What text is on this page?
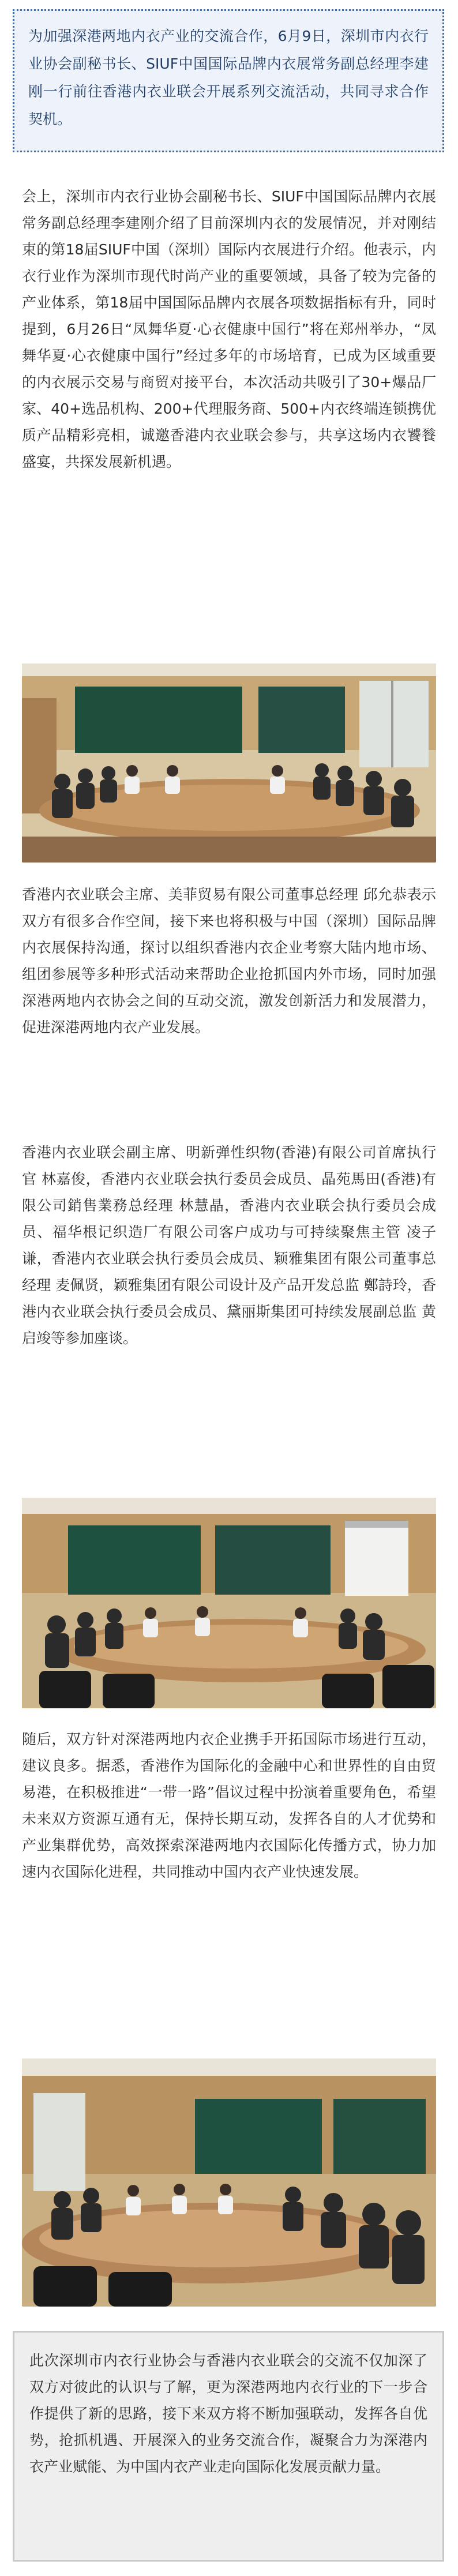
为加强深港两地内衣产业的交流合作，6月9日，深圳市内衣行业协会副秘书长、SIUF中国国际品牌内衣展常务副总经理李建刚一行前往香港内衣业联会开展系列交流活动，共同寻求合作契机。

会上，深圳市内衣行业协会副秘书长、SIUF中国国际品牌内衣展常务副总经理李建刚介绍了目前深圳内衣的发展情况，并对刚结束的第18届SIUF中国（深圳）国际内衣展进行介绍。他表示，内衣行业作为深圳市现代时尚产业的重要领域，具备了较为完备的产业体系，第18届中国国际品牌内衣展各项数据指标有升，同时提到，6月26日“凤舞华夏·心衣健康中国行”将在郑州举办，“凤舞华夏·心衣健康中国行”经过多年的市场培育，已成为区域重要的内衣展示交易与商贸对接平台，本次活动共吸引了30+爆品厂家、40+选品机构、200+代理服务商、500+内衣终端连锁携优质产品精彩亮相，诚邀香港内衣业联会参与，共享这场内衣饕餮盛宴，共探发展新机遇。

香港内衣业联会主席、美菲贸易有限公司董事总经理 邱允恭表示双方有很多合作空间，接下来也将积极与中国（深圳）国际品牌内衣展保持沟通，探讨以组织香港内衣企业考察大陆内地市场、组团参展等多种形式活动来帮助企业抢抓国内外市场，同时加强深港两地内衣协会之间的互动交流，激发创新活力和发展潜力，促进深港两地内衣产业发展。

香港内衣业联会副主席、明新弹性织物(香港)有限公司首席执行官 林嘉俊，香港内衣业联会执行委员会成员、晶苑馬田(香港)有限公司銷售業務总经理 林慧晶，香港内衣业联会执行委员会成员、福华根记织造厂有限公司客户成功与可持续聚焦主管 凌子谦，香港内衣业联会执行委员会成员、颖雅集团有限公司董事总经理 麦佩贤，颖雅集团有限公司设计及产品开发总监 鄭詩玲，香港内衣业联会执行委员会成员、黛丽斯集团可持续发展副总监 黄启竣等参加座谈。

随后，双方针对深港两地内衣企业携手开拓国际市场进行互动，建议良多。据悉，香港作为国际化的金融中心和世界性的自由贸易港，在积极推进“一带一路”倡议过程中扮演着重要角色，希望未来双方资源互通有无，保持长期互动，发挥各自的人才优势和产业集群优势，高效探索深港两地内衣国际化传播方式，协力加速内衣国际化进程，共同推动中国内衣产业快速发展。

此次深圳市内衣行业协会与香港内衣业联会的交流不仅加深了双方对彼此的认识与了解，更为深港两地内衣行业的下一步合作提供了新的思路，接下来双方将不断加强联动，发挥各自优势，抢抓机遇、开展深入的业务交流合作，凝聚合力为深港内衣产业赋能、为中国内衣产业走向国际化发展贡献力量。
